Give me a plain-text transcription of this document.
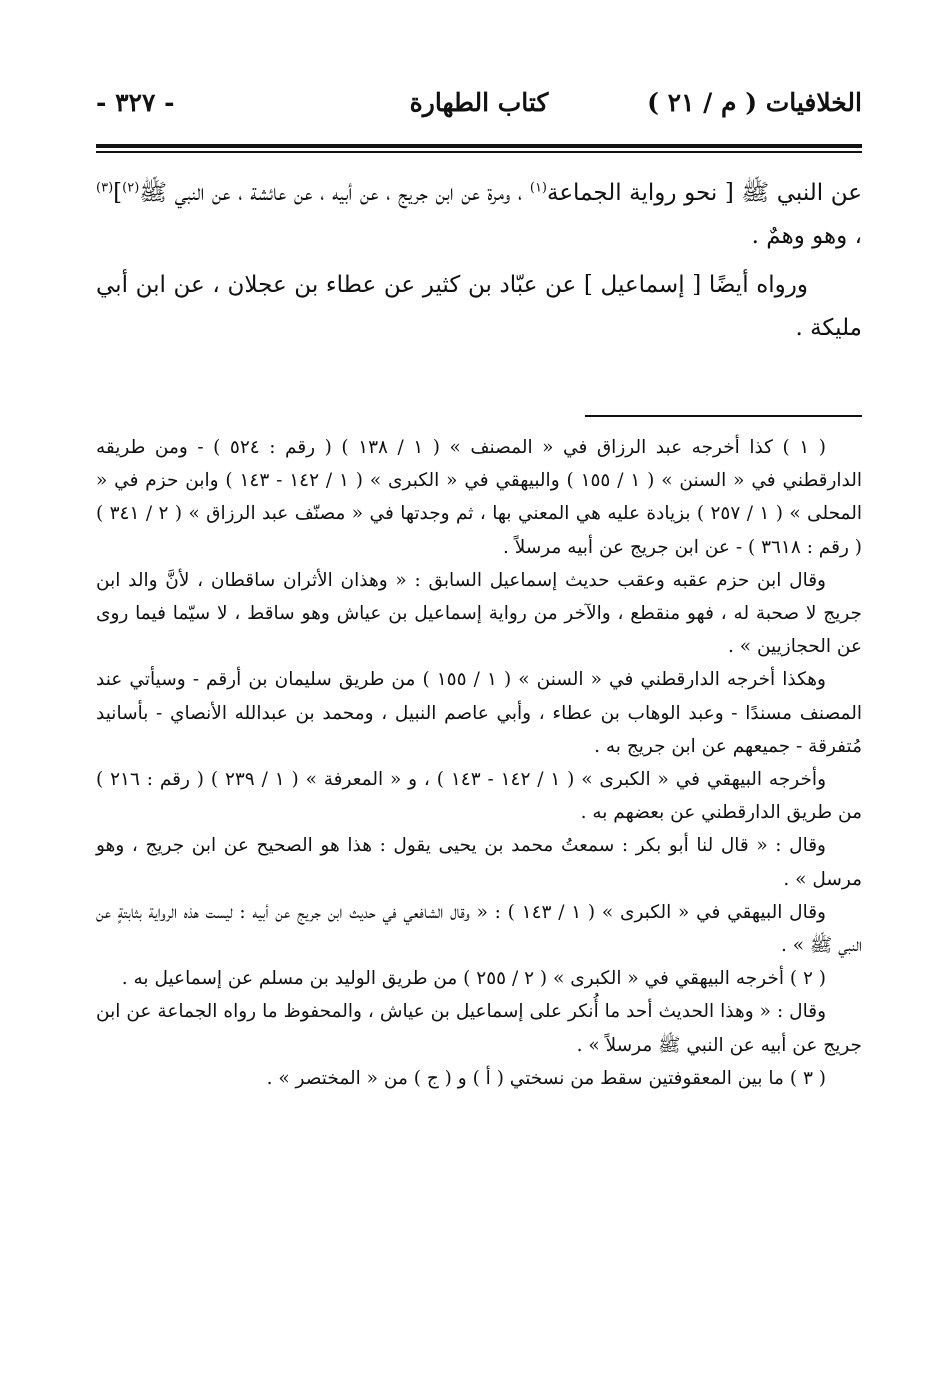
الخلافيات ( م / ٢١ )
كتاب الطهارة
- ٣٢٧ -

عن النبي ﷺ [ نحو رواية الجماعة$^{(١)}$ ، ومرة عن ابن جريج ، عن أبيه ، عن عائشة ، عن النبي ﷺ$^{(٢)}$]$^{(٣)}$ ، وهو وهمٌ .

ورواه أيضًا [ إسماعيل ] عن عبّاد بن كثير عن عطاء بن عجلان ، عن ابن أبي مليكة .

( ١ ) كذا أخرجه عبد الرزاق في « المصنف » ( ١ / ١٣٨ ) ( رقم : ٥٢٤ ) - ومن طريقه الدارقطني في « السنن » ( ١ / ١٥٥ ) والبيهقي في « الكبرى » ( ١ / ١٤٢ - ١٤٣ ) وابن حزم في « المحلى » ( ١ / ٢٥٧ ) بزيادة عليه هي المعني بها ، ثم وجدتها في « مصنّف عبد الرزاق » ( ٢ / ٣٤١ ) ( رقم : ٣٦١٨ ) - عن ابن جريج عن أبيه مرسلاً .

وقال ابن حزم عقبه وعقب حديث إسماعيل السابق : « وهذان الأثران ساقطان ، لأنَّ والد ابن جريج لا صحبة له ، فهو منقطع ، والآخر من رواية إسماعيل بن عياش وهو ساقط ، لا سيّما فيما روى عن الحجازيين » .

وهكذا أخرجه الدارقطني في « السنن » ( ١ / ١٥٥ ) من طريق سليمان بن أرقم - وسيأتي عند المصنف مسندًا - وعبد الوهاب بن عطاء ، وأبي عاصم النبيل ، ومحمد بن عبدالله الأنصاي - بأسانيد مُتفرقة - جميعهم عن ابن جريج به .

وأخرجه البيهقي في « الكبرى » ( ١ / ١٤٢ - ١٤٣ ) ، و « المعرفة » ( ١ / ٢٣٩ ) ( رقم : ٢١٦ ) من طريق الدارقطني عن بعضهم به .

وقال : « قال لنا أبو بكر : سمعتُ محمد بن يحيى يقول : هذا هو الصحيح عن ابن جريج ، وهو مرسل » .

وقال البيهقي في « الكبرى » ( ١ / ١٤٣ ) : « وقال الشافعي في حديث ابن جريج عن أبيه : ليست هذه الرواية بثابتةٍ عن النبي ﷺ » .

( ٢ ) أخرجه البيهقي في « الكبرى » ( ٢ / ٢٥٥ ) من طريق الوليد بن مسلم عن إسماعيل به .

وقال : « وهذا الحديث أحد ما أُنكر على إسماعيل بن عياش ، والمحفوظ ما رواه الجماعة عن ابن جريج عن أبيه عن النبي ﷺ مرسلاً » .

( ٣ ) ما بين المعقوفتين سقط من نسختي ( أ ) و ( ج ) من « المختصر » .
